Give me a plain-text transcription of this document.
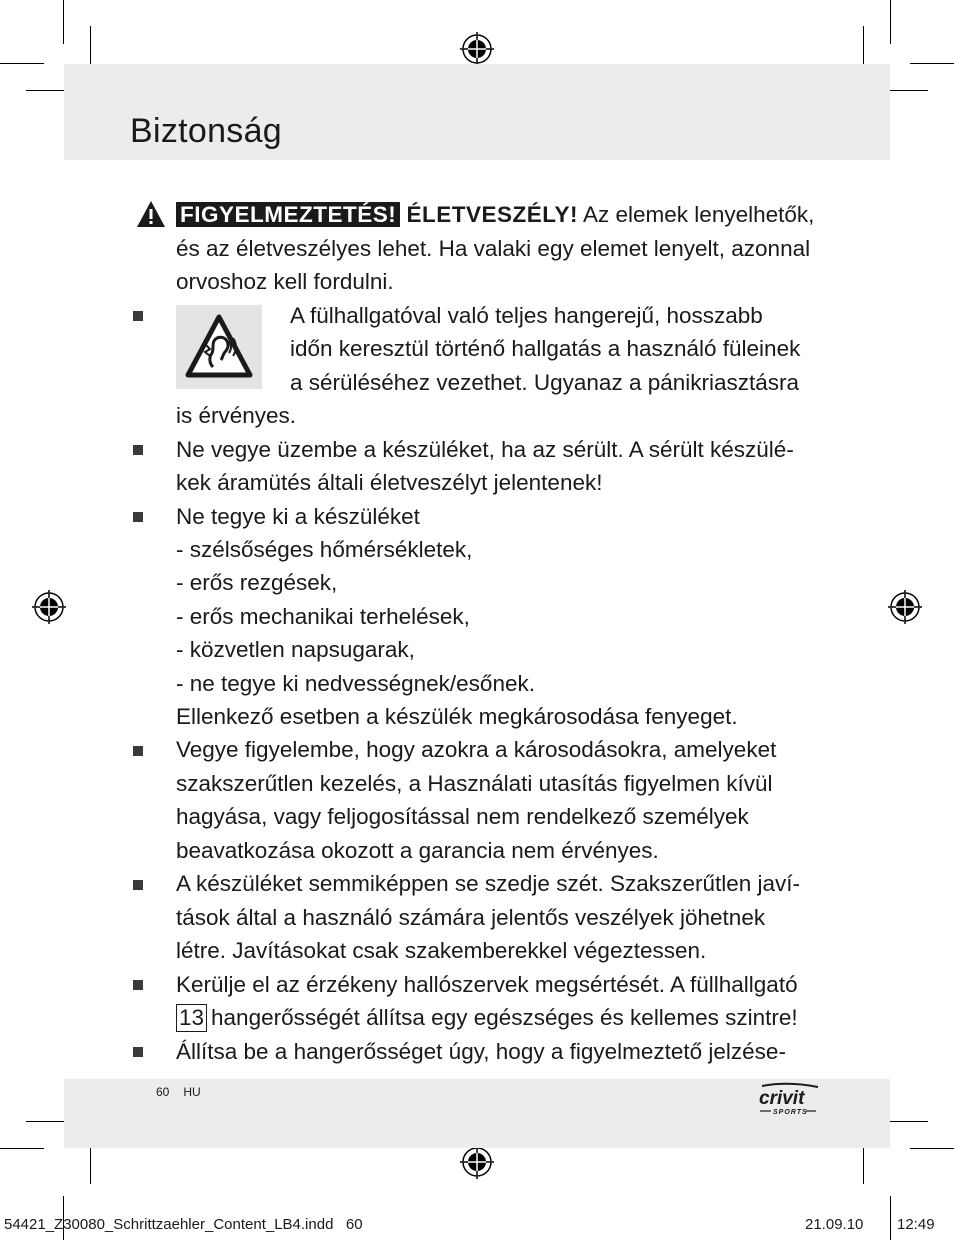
Biztonság
FIGYELMEZTETÉS! ÉLETVESZÉLY! Az elemek lenyelhetők,
és az életveszélyes lehet. Ha valaki egy elemet lenyelt, azonnal
orvoshoz kell fordulni.
A fülhallgatóval való teljes hangerejű, hosszabb
időn keresztül történő hallgatás a használó füleinek
a sérüléséhez vezethet. Ugyanaz a pánikriasztásra
is érvényes.
Ne vegye üzembe a készüléket, ha az sérült. A sérült készülé-
kek áramütés általi életveszélyt jelentenek!
Ne tegye ki a készüléket
- szélsőséges hőmérsékletek,
- erős rezgések,
- erős mechanikai terhelések,
- közvetlen napsugarak,
- ne tegye ki nedvességnek/esőnek.
Ellenkező esetben a készülék megkárosodása fenyeget.
Vegye figyelembe, hogy azokra a károsodásokra, amelyeket
szakszerűtlen kezelés, a Használati utasítás figyelmen kívül
hagyása, vagy feljogosítással nem rendelkező személyek
beavatkozása okozott a garancia nem érvényes.
A készüléket semmiképpen se szedje szét. Szakszerűtlen javí-
tások által a használó számára jelentős veszélyek jöhetnek
létre. Javításokat csak szakemberekkel végeztessen.
Kerülje el az érzékeny hallószervek megsértését. A füllhallgató
13 hangerősségét állítsa egy egészséges és kellemes szintre!
Állítsa be a hangerősséget úgy, hogy a figyelmeztető jelzése-
60 HU	crivit
SPORTS
54421_Z30080_Schrittzaehler_Content_LB4.indd   60	21.09.10 12:49
